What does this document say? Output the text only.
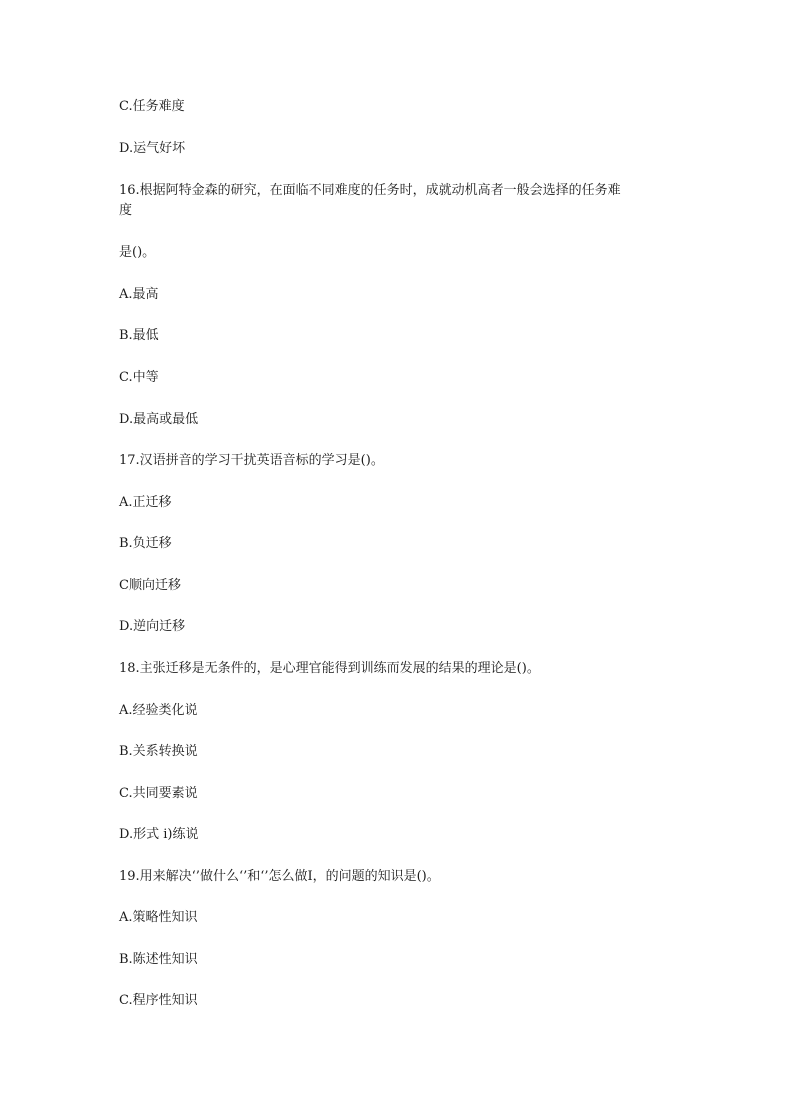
C.任务难度
D.运气好坏
16.根据阿特金森的研究，在面临不同难度的任务时，成就动机高者一般会选择的任务难
度
是()。
A.最高
B.最低
C.中等
D.最高或最低
17.汉语拼音的学习干扰英语音标的学习是()。
A.正迁移
B.负迁移
C顺向迁移
D.逆向迁移
18.主张迁移是无条件的，是心理官能得到训练而发展的结果的理论是()。
A.经验类化说
B.关系转换说
C.共同要素说
D.形式 i)练说
19.用来解决‘’做什么‘’和‘’怎么做I，的问题的知识是()。
A.策略性知识
B.陈述性知识
C.程序性知识
